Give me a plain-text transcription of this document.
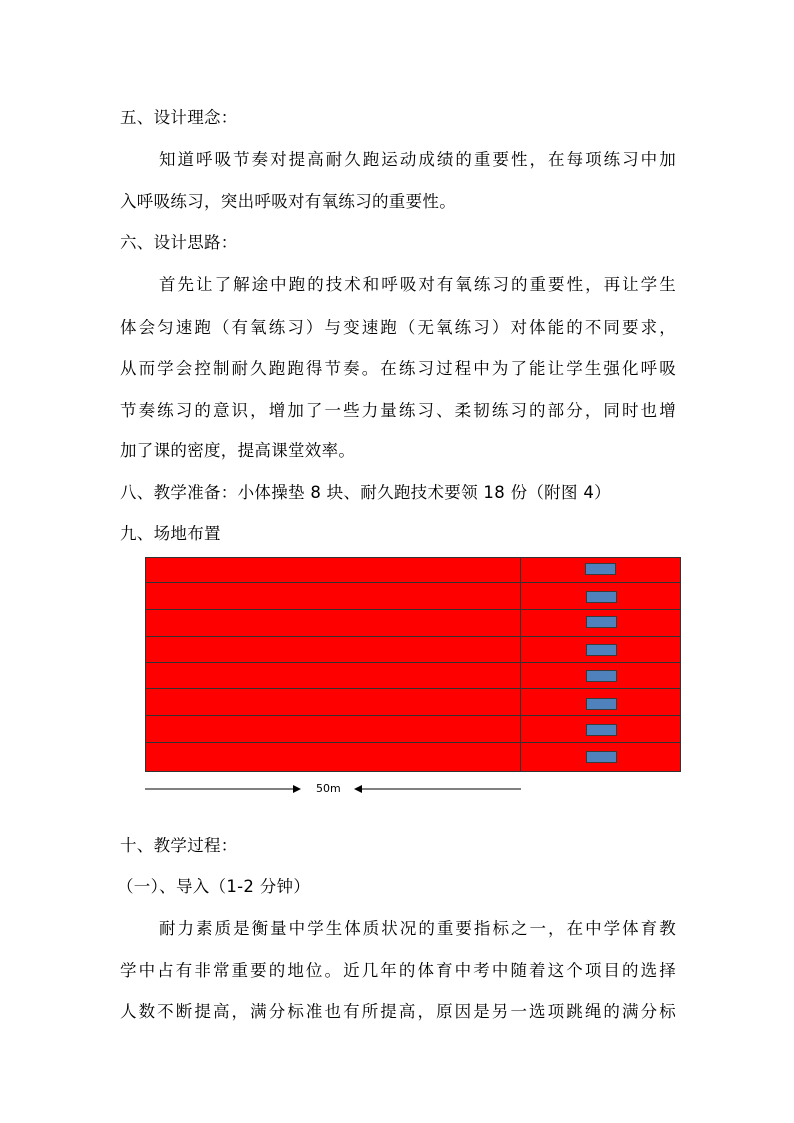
五、设计理念：
知道呼吸节奏对提高耐久跑运动成绩的重要性，在每项练习中加
入呼吸练习，突出呼吸对有氧练习的重要性。
六、设计思路：
首先让了解途中跑的技术和呼吸对有氧练习的重要性，再让学生
体会匀速跑（有氧练习）与变速跑（无氧练习）对体能的不同要求，
从而学会控制耐久跑跑得节奏。在练习过程中为了能让学生强化呼吸
节奏练习的意识，增加了一些力量练习、柔韧练习的部分，同时也增
加了课的密度，提高课堂效率。
八、教学准备：小体操垫 8 块、耐久跑技术要领 18 份（附图 4）
九、场地布置
50m
十、教学过程：
（一）、导入（1-2 分钟）
耐力素质是衡量中学生体质状况的重要指标之一，在中学体育教
学中占有非常重要的地位。近几年的体育中考中随着这个项目的选择
人数不断提高，满分标准也有所提高，原因是另一选项跳绳的满分标
